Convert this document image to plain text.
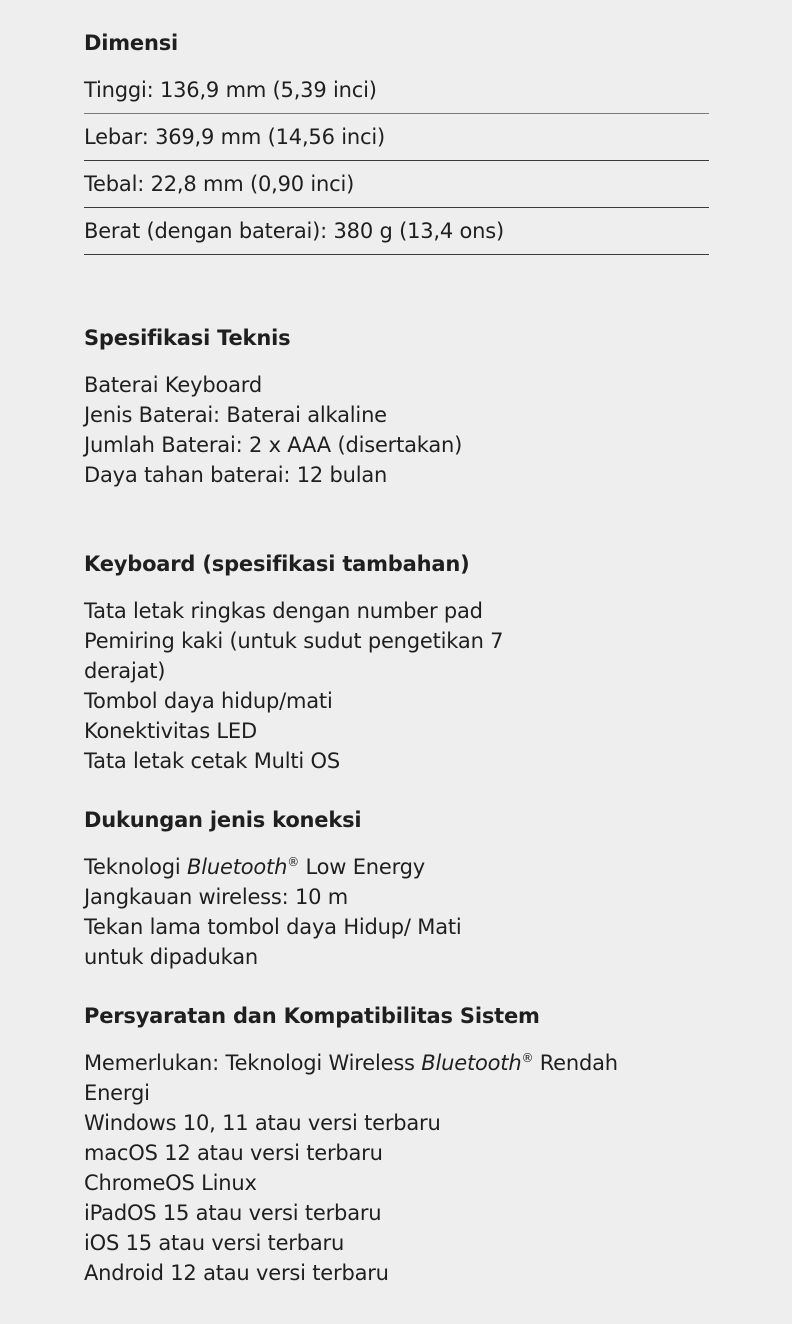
Dimensi
Tinggi: 136,9 mm (5,39 inci)
Lebar: 369,9 mm (14,56 inci)
Tebal: 22,8 mm (0,90 inci)
Berat (dengan baterai): 380 g (13,4 ons)
Spesifikasi Teknis
Baterai Keyboard
Jenis Baterai: Baterai alkaline
Jumlah Baterai: 2 x AAA (disertakan)
Daya tahan baterai: 12 bulan
Keyboard (spesifikasi tambahan)
Tata letak ringkas dengan number pad
Pemiring kaki (untuk sudut pengetikan 7 derajat)
Tombol daya hidup/mati
Konektivitas LED
Tata letak cetak Multi OS
Dukungan jenis koneksi
Teknologi Bluetooth® Low Energy
Jangkauan wireless: 10 m
Tekan lama tombol daya Hidup/ Mati untuk dipadukan
Persyaratan dan Kompatibilitas Sistem
Memerlukan: Teknologi Wireless Bluetooth® Rendah Energi
Windows 10, 11 atau versi terbaru
macOS 12 atau versi terbaru
ChromeOS Linux
iPadOS 15 atau versi terbaru
iOS 15 atau versi terbaru
Android 12 atau versi terbaru
